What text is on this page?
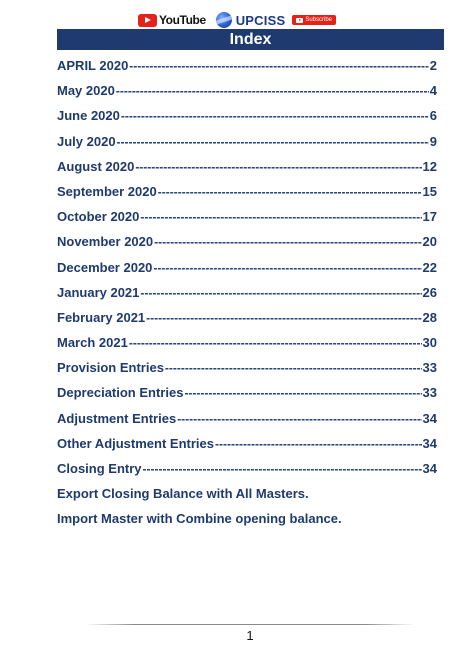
YouTube UPCISS	Subscribe
Index
APRIL 2020 -----	2
May 2020 -----	4
June 2020 -----	6
July 2020 -----	9
August 2020 -----	12
September 2020 -----	15
October 2020 -----	17
November 2020 -----	20
December 2020 -----	22
January 2021 -----	26
February 2021 -----	28
March 2021 -----	30
Provision Entries -----	33
Depreciation Entries -----	33
Adjustment Entries -----	34
Other Adjustment Entries -----	34
Closing Entry -----	34
Export Closing Balance with All Masters.
Import Master with Combine opening balance.
1
